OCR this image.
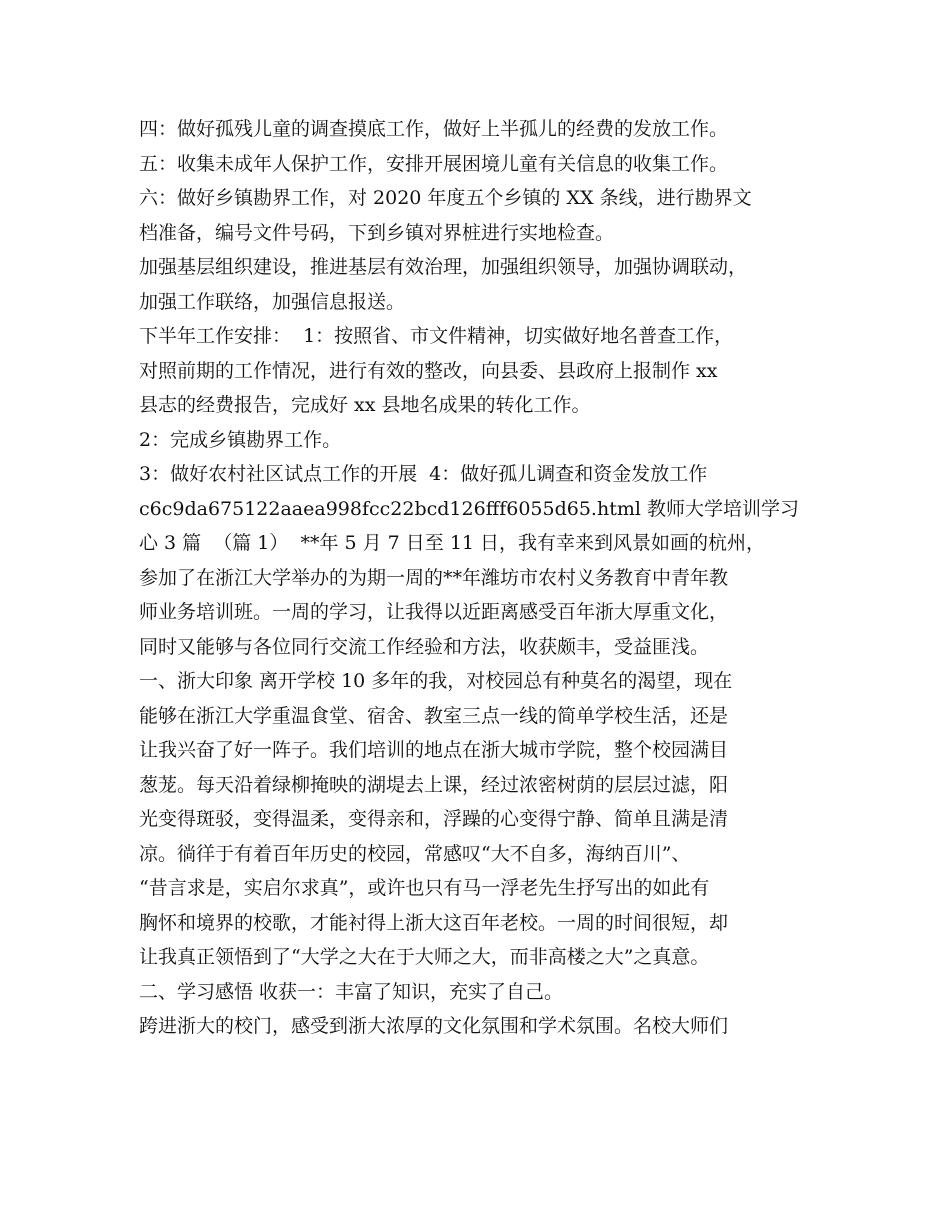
四：做好孤残儿童的调查摸底工作，做好上半孤儿的经费的发放工作。
五：收集未成年人保护工作，安排开展困境儿童有关信息的收集工作。
六：做好乡镇勘界工作，对 2020 年度五个乡镇的 XX 条线，进行勘界文
档准备，编号文件号码，下到乡镇对界桩进行实地检查。
加强基层组织建设，推进基层有效治理，加强组织领导，加强协调联动，
加强工作联络，加强信息报送。
下半年工作安排：  1：按照省、市文件精神，切实做好地名普查工作，
对照前期的工作情况，进行有效的整改，向县委、县政府上报制作 xx
县志的经费报告，完成好 xx 县地名成果的转化工作。
2：完成乡镇勘界工作。
3：做好农村社区试点工作的开展  4：做好孤儿调查和资金发放工作
c6c9da675122aaea998fcc22bcd126fff6055d65.html 教师大学培训学习
心 3 篇  （篇 1）  **年 5 月 7 日至 11 日，我有幸来到风景如画的杭州，
参加了在浙江大学举办的为期一周的**年潍坊市农村义务教育中青年教
师业务培训班。一周的学习，让我得以近距离感受百年浙大厚重文化，
同时又能够与各位同行交流工作经验和方法，收获颇丰，受益匪浅。
一、浙大印象 离开学校 10 多年的我，对校园总有种莫名的渴望，现在
能够在浙江大学重温食堂、宿舍、教室三点一线的简单学校生活，还是
让我兴奋了好一阵子。我们培训的地点在浙大城市学院，整个校园满目
葱茏。每天沿着绿柳掩映的湖堤去上课，经过浓密树荫的层层过滤，阳
光变得斑驳，变得温柔，变得亲和，浮躁的心变得宁静、简单且满是清
凉。徜徉于有着百年历史的校园，常感叹“大不自多，海纳百川”、
“昔言求是，实启尔求真”，或许也只有马一浮老先生抒写出的如此有
胸怀和境界的校歌，才能衬得上浙大这百年老校。一周的时间很短，却
让我真正领悟到了“大学之大在于大师之大，而非高楼之大”之真意。
二、学习感悟 收获一：丰富了知识，充实了自己。
跨进浙大的校门，感受到浙大浓厚的文化氛围和学术氛围。名校大师们
